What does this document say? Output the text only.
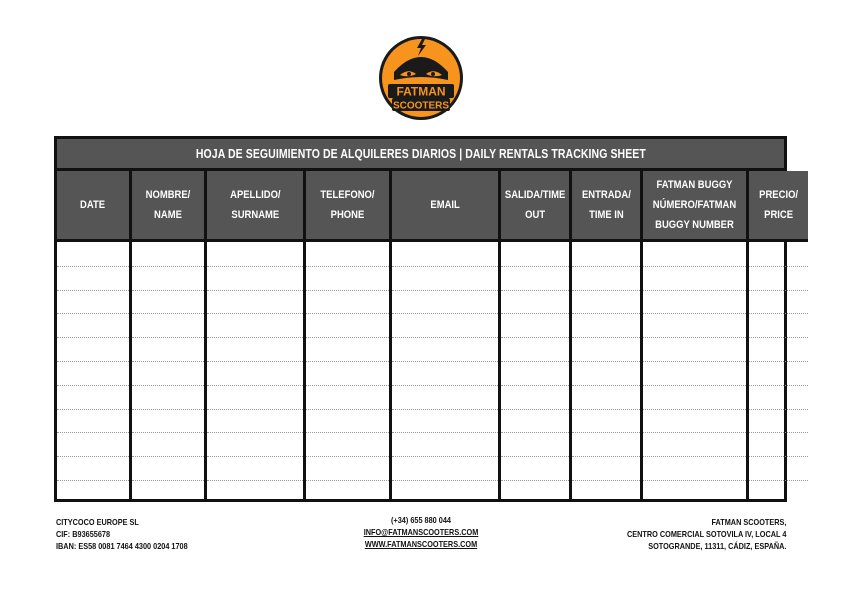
FATMAN
SCOOTERS
HOJA DE SEGUIMIENTO DE ALQUILERES DIARIOS | DAILY RENTALS TRACKING SHEET
DATE
NOMBRE/
NAME
APELLIDO/
SURNAME
TELEFONO/
PHONE
EMAIL
SALIDA/TIME
OUT
ENTRADA/
TIME IN
FATMAN BUGGY
NÚMERO/FATMAN
BUGGY NUMBER
PRECIO/
PRICE
CITYCOCO EUROPE SL
CIF: B93655678
IBAN: ES58 0081 7464 4300 0204 1708
(+34) 655 880 044
INFO@FATMANSCOOTERS.COM
WWW.FATMANSCOOTERS.COM
FATMAN SCOOTERS,
CENTRO COMERCIAL SOTOVILA IV, LOCAL 4
SOTOGRANDE, 11311, CÁDIZ, ESPAÑA.
